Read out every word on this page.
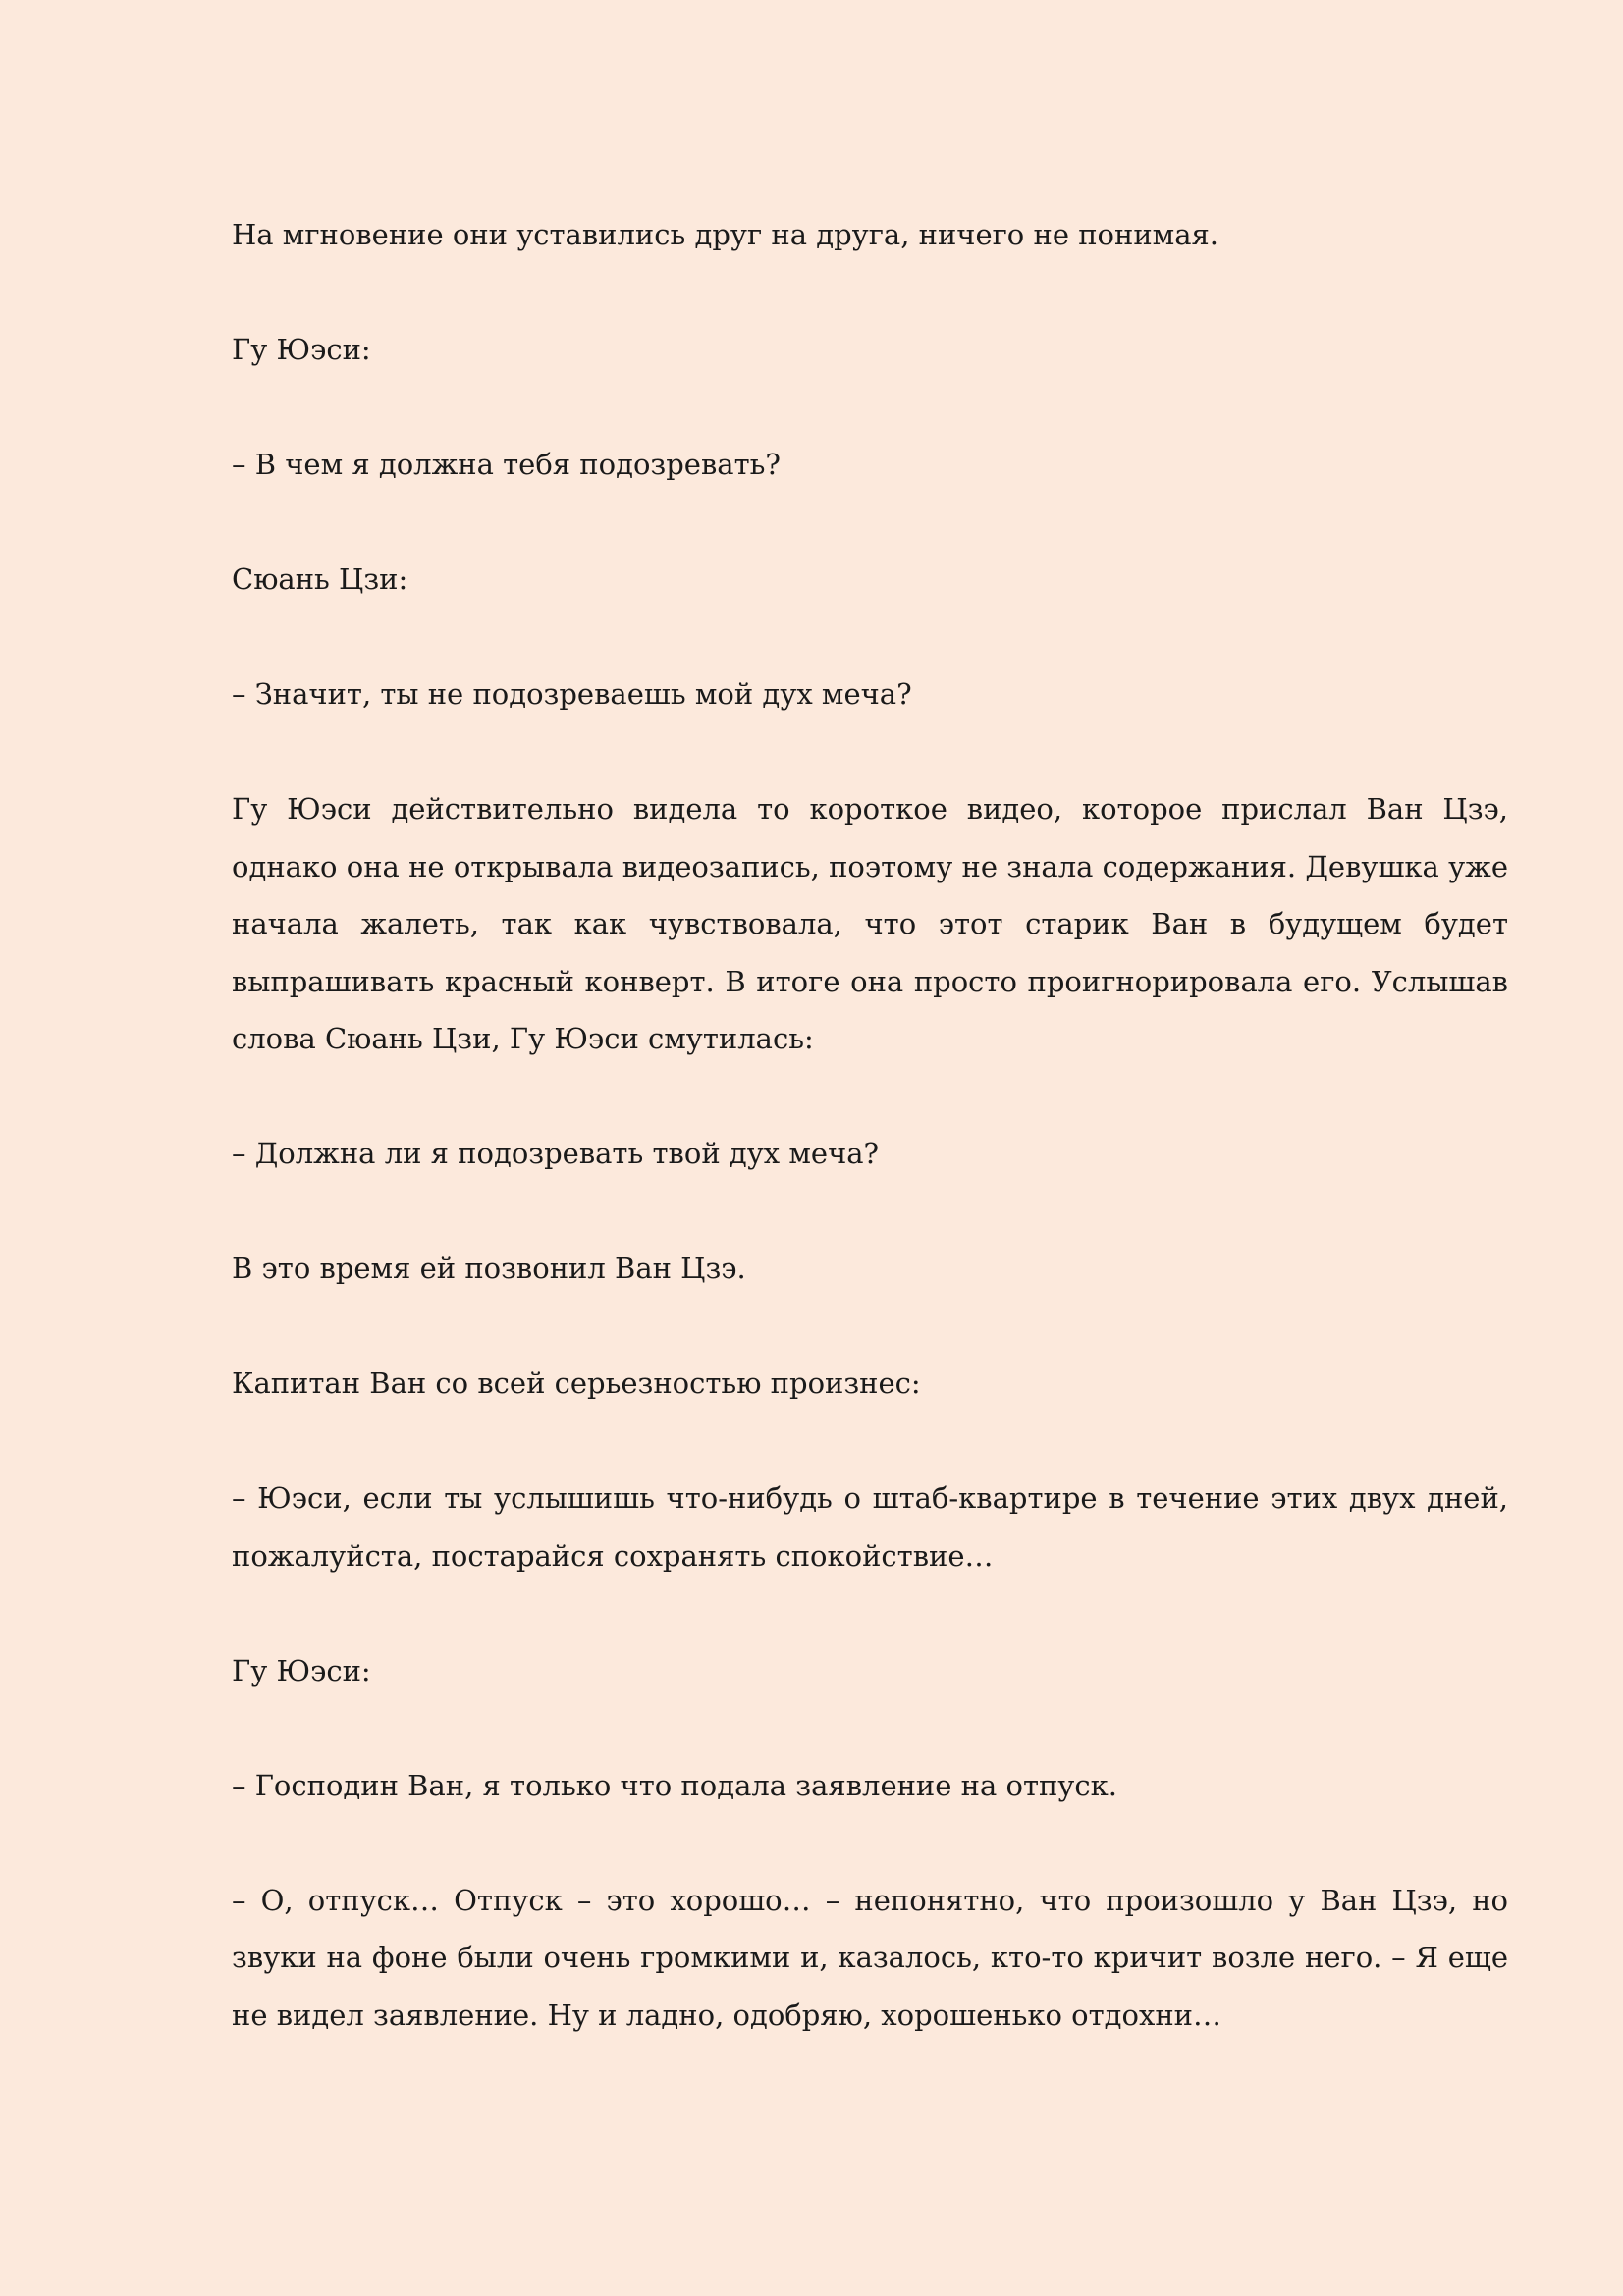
На мгновение они уставились друг на друга, ничего не понимая.

Гу Юэси:

– В чем я должна тебя подозревать?

Сюань Цзи:

– Значит, ты не подозреваешь мой дух меча?

Гу Юэси действительно видела то короткое видео, которое прислал Ван Цзэ, однако она не открывала видеозапись, поэтому не знала содержания. Девушка уже начала жалеть, так как чувствовала, что этот старик Ван в будущем будет выпрашивать красный конверт. В итоге она просто проигнорировала его. Услышав слова Сюань Цзи, Гу Юэси смутилась:

– Должна ли я подозревать твой дух меча?

В это время ей позвонил Ван Цзэ.

Капитан Ван со всей серьезностью произнес:

– Юэси, если ты услышишь что-нибудь о штаб-квартире в течение этих двух дней, пожалуйста, постарайся сохранять спокойствие…

Гу Юэси:

– Господин Ван, я только что подала заявление на отпуск.

– О, отпуск… Отпуск – это хорошо… – непонятно, что произошло у Ван Цзэ, но звуки на фоне были очень громкими и, казалось, кто-то кричит возле него. – Я еще не видел заявление. Ну и ладно, одобряю, хорошенько отдохни…
